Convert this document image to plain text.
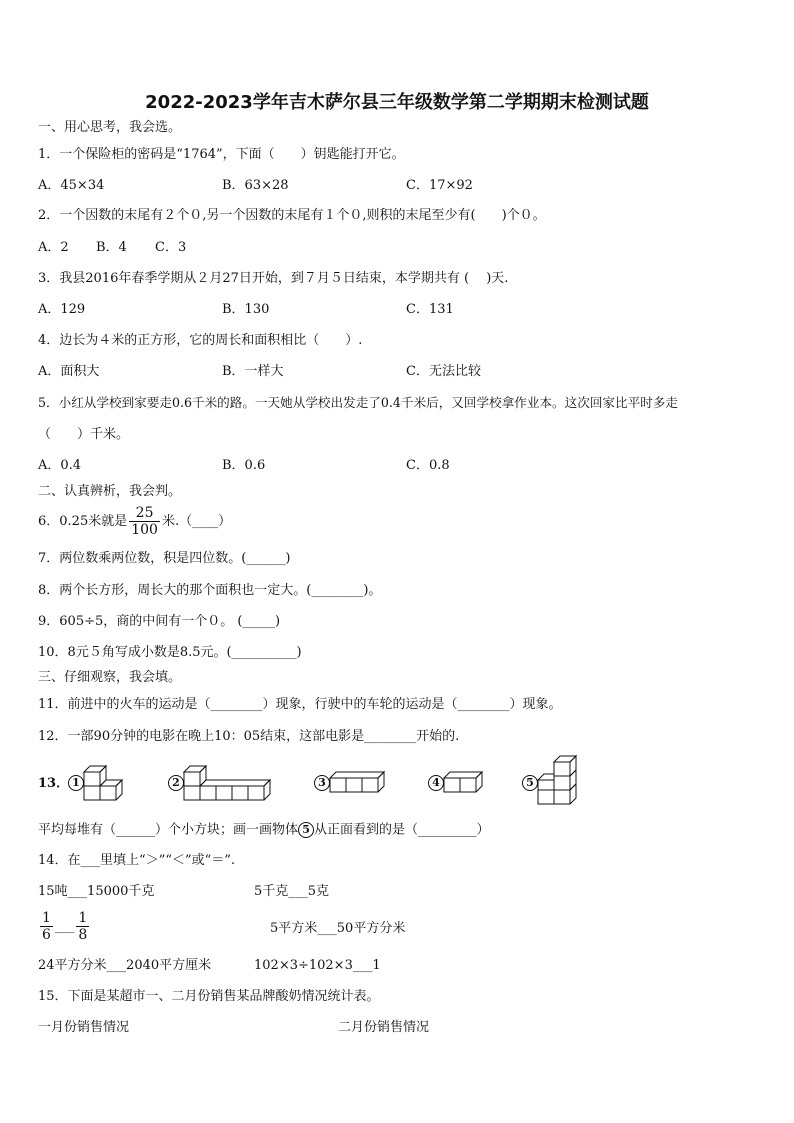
2022-2023学年吉木萨尔县三年级数学第二学期期末检测试题
一、用心思考，我会选。
1．一个保险柜的密码是“1764”，下面（　　）钥匙能打开它。
A．45×34	B．63×28	C．17×92
2．一个因数的末尾有２个０,另一个因数的末尾有１个０,则积的末尾至少有(　　)个０。
A．2 B．4 C．3
3．我县2016年春季学期从２月27日开始，到７月５日结束，本学期共有 (　 )天.
A．129	B．130	C．131
4．边长为４米的正方形，它的周长和面积相比（　　）.
A．面积大	B．一样大	C．无法比较
5．小红从学校到家要走0.6千米的路。一天她从学校出发走了0.4千米后，又回学校拿作业本。这次回家比平时多走
（　　）千米。
A．0.4	B．0.6	C．0.8
二、认真辨析，我会判。
6．0.25米就是 $\frac{25}{100}$ 米.（____）
7．两位数乘两位数，积是四位数。(______)
8．两个长方形，周长大的那个面积也一定大。(________)。
9．605÷5，商的中间有一个０。 (_____)
10．8元５角写成小数是8.5元。(__________)
三、仔细观察，我会填。
11．前进中的火车的运动是（________）现象，行驶中的车轮的运动是（________）现象。
12．一部90分钟的电影在晚上10：05结束，这部电影是________开始的.
13． 1	2	3	4	5
平均每堆有（______）个小方块；画一画物体 5 从正面看到的是（_________）
14．在___里填上“＞”“＜”或“＝”.
15吨___15000千克	5千克___5克
$\frac{1}{6}$ ___ $\frac{1}{8}$	5平方米___50平方分米
24平方分米___2040平方厘米	102×3÷102×3___1
15．下面是某超市一、二月份销售某品牌酸奶情况统计表。
一月份销售情况	二月份销售情况
